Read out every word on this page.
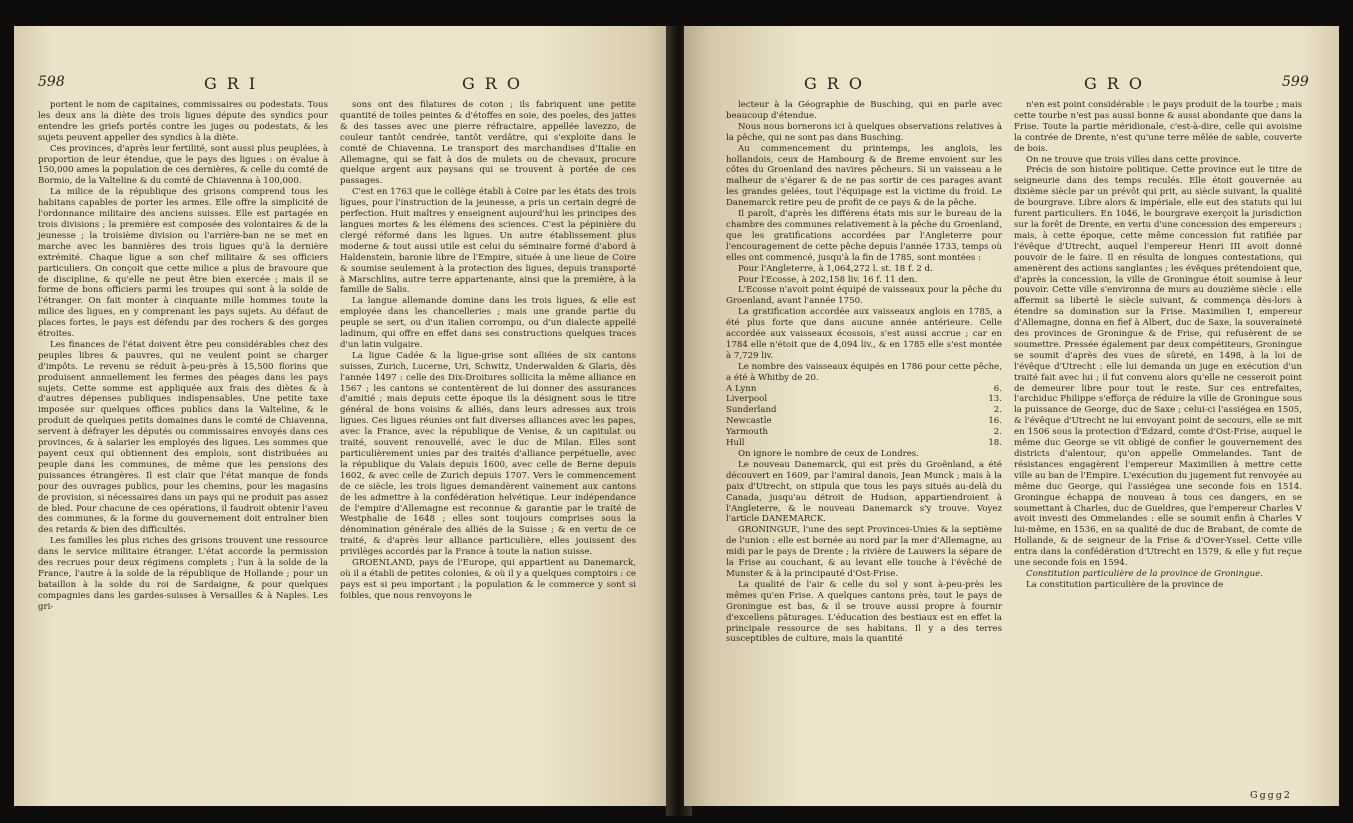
598	GRI	GRO

portent le nom de capitaines, commissaires ou podestats. Tous les deux ans la diète des trois ligues députe des syndics pour entendre les griefs portés contre les juges ou podestats, & les sujets peuvent appeller des syndics à la diète.

Ces provinces, d'après leur fertilité, sont aussi plus peuplées, à proportion de leur étendue, que le pays des ligues : on évalue à 150,000 ames la population de ces dernières, & celle du comté de Bormio, de la Valteline & du comté de Chiavenna à 100,000.

La milice de la république des grisons comprend tous les habitans capables de porter les armes. Elle offre la simplicité de l'ordonnance militaire des anciens suisses. Elle est partagée en trois divisions ; la première est composée des volontaires & de la jeunesse ; la troisième division ou l'arrière-ban ne se met en marche avec les bannières des trois ligues qu'à la dernière extrémité. Chaque ligue a son chef militaire & ses officiers particuliers. On conçoit que cette milice a plus de bravoure que de discipline, & qu'elle ne peut être bien exercée ; mais il se forme de bons officiers parmi les troupes qui sont à la solde de l'étranger. On fait monter à cinquante mille hommes toute la milice des ligues, en y comprenant les pays sujets. Au défaut de places fortes, le pays est défendu par des rochers & des gorges étroites.

Les finances de l'état doivent être peu considérables chez des peuples libres & pauvres, qui ne veulent point se charger d'impôts. Le revenu se réduit à-peu-près à 15,500 florins que produisent annuellement les fermes des péages dans les pays sujets. Cette somme est appliquée aux frais des diètes & à d'autres dépenses publiques indispensables. Une petite taxe imposée sur quelques offices publics dans la Valteline, & le produit de quelques petits domaines dans le comté de Chiavenna, servent à défrayer les députés ou commissaires envoyés dans ces provinces, & à salarier les employés des ligues. Les sommes que payent ceux qui obtiennent des emplois, sont distribuées au peuple dans les communes, de même que les pensions des puissances étrangères. Il est clair que l'état manque de fonds pour des ouvrages publics, pour les chemins, pour les magasins de provision, si nécessaires dans un pays qui ne produit pas assez de bled. Pour chacune de ces opérations, il faudroit obtenir l'aveu des communes, & la forme du gouvernement doit entraîner bien des retards & bien des difficultés.

Les familles les plus riches des grisons trouvent une ressource dans le service militaire étranger. L'état accorde la permission des recrues pour deux régimens complets ; l'un à la solde de la France, l'autre à la solde de la république de Hollande ; pour un bataillon à la solde du roi de Sardaigne, & pour quelques compagnies dans les gardes-suisses à Versailles & à Naples. Les gri-

sons ont des filatures de coton ; ils fabriquent une petite quantité de toiles peintes & d'étoffes en soie, des poeles, des jattes & des tasses avec une pierre réfractaire, appellée lavezzo, de couleur tantôt cendrée, tantôt verdâtre, qui s'exploite dans le comté de Chiavenna. Le transport des marchandises d'Italie en Allemagne, qui se fait à dos de mulets ou de chevaux, procure quelque argent aux paysans qui se trouvent à portée de ces passages.

C'est en 1763 que le collège établi à Coire par les états des trois ligues, pour l'instruction de la jeunesse, a pris un certain degré de perfection. Huit maîtres y enseignent aujourd'hui les principes des langues mortes & les élémens des sciences. C'est la pépinière du clergé réformé dans les ligues. Un autre établissement plus moderne & tout aussi utile est celui du séminaire formé d'abord à Haldenstein, baronie libre de l'Empire, située à une lieue de Coire & soumise seulement à la protection des ligues, depuis transporté à Marschlins, autre terre appartenante, ainsi que la première, à la famille de Salis.

La langue allemande domine dans les trois ligues, & elle est employée dans les chancelleries ; mais une grande partie du peuple se sert, ou d'un italien corrompu, ou d'un dialecte appellé ladinum, qui offre en effet dans ses constructions quelques traces d'un latin vulgaire.

La ligue Cadée & la ligue-grise sont alliées de six cantons suisses, Zurich, Lucerne, Uri, Schwitz, Underwalden & Glaris, dès l'année 1497 : celle des Dix-Droitures sollicita la même alliance en 1567 ; les cantons se contentèrent de lui donner des assurances d'amitié ; mais depuis cette époque ils la désignent sous le titre général de bons voisins & alliés, dans leurs adresses aux trois ligues. Ces ligues réunies ont fait diverses alliances avec les papes, avec la France, avec la république de Venise, & un capitulat ou traité, souvent renouvellé, avec le duc de Milan. Elles sont particulièrement unies par des traités d'alliance perpétuelle, avec la république du Valais depuis 1600, avec celle de Berne depuis 1602, & avec celle de Zurich depuis 1707. Vers le commencement de ce siècle, les trois ligues demandèrent vainement aux cantons de les admettre à la confédération helvétique. Leur indépendance de l'empire d'Allemagne est reconnue & garantie par le traité de Westphalie de 1648 ; elles sont toujours comprises sous la dénomination générale des alliés de la Suisse ; & en vertu de ce traité, & d'après leur alliance particulière, elles jouissent des privilèges accordés par la France à toute la nation suisse.

GROENLAND, pays de l'Europe, qui appartient au Danemarck, où il a établi de petites colonies, & où il y a quelques comptoirs : ce pays est si peu important ; la population & le commerce y sont si foibles, que nous renvoyons le

GRO	GRO	599

lecteur à la Géographie de Busching, qui en parle avec beaucoup d'étendue.

Nous nous bornerons ici à quelques observations relatives à la pêche, qui ne sont pas dans Busching.

Au commencement du printemps, les anglois, les hollandois, ceux de Hambourg & de Breme envoient sur les côtes du Groenland des navires pêcheurs. Si un vaisseau a le malheur de s'égarer & de ne pas sortir de ces parages avant les grandes gelées, tout l'équipage est la victime du froid. Le Danemarck retire peu de profit de ce pays & de la pêche.

Il paroît, d'après les différens états mis sur le bureau de la chambre des communes relativement à la pêche du Groenland, que les gratifications accordées par l'Angleterre pour l'encouragement de cette pêche depuis l'année 1733, temps où elles ont commencé, jusqu'à la fin de 1785, sont montées :

Pour l'Angleterre, à 1,064,272 l. st. 18 f. 2 d.

Pour l'Ecosse, à 202,158 liv. 16 f. 11 den.

L'Ecosse n'avoit point équipé de vaisseaux pour la pêche du Groenland, avant l'année 1750.

La gratification accordée aux vaisseaux anglois en 1785, a été plus forte que dans aucune année antérieure. Celle accordée aux vaisseaux écossois, s'est aussi accrue ; car en 1784 elle n'étoit que de 4,094 liv., & en 1785 elle s'est montée à 7,729 liv.

Le nombre des vaisseaux équipés en 1786 pour cette pêche, a été à Whitby de 20.

A Lynn	6.
Liverpool	13.
Sunderland	2.
Newcastle	16.
Yarmouth	2.
Hull	18.

On ignore le nombre de ceux de Londres.

Le nouveau Danemarck, qui est près du Groënland, a été découvert en 1609, par l'amiral danois, Jean Munck ; mais à la paix d'Utrecht, on stipula que tous les pays situés au-delà du Canada, jusqu'au détroit de Hudson, appartiendroient à l'Angleterre, & le nouveau Danemarck s'y trouve. Voyez l'article DANEMARCK.

GRONINGUE, l'une des sept Provinces-Unies & la septième de l'union : elle est bornée au nord par la mer d'Allemagne, au midi par le pays de Drente ; la rivière de Lauwers la sépare de la Frise au couchant, & au levant elle touche à l'évêché de Munster & à la principauté d'Ost-Frise.

La qualité de l'air & celle du sol y sont à-peu-près les mêmes qu'en Frise. A quelques cantons près, tout le pays de Groningue est bas, & il se trouve aussi propre à fournir d'excellens pâturages. L'éducation des bestiaux est en effet la principale ressource de ses habitans. Il y a des terres susceptibles de culture, mais la quantité

n'en est point considérable : le pays produit de la tourbe ; mais cette tourbe n'est pas aussi bonne & aussi abondante que dans la Frise. Toute la partie méridionale, c'est-à-dire, celle qui avoisine la contrée de Drente, n'est qu'une terre mêlée de sable, couverte de bois.

On ne trouve que trois villes dans cette province.

Précis de son histoire politique. Cette province eut le titre de seigneurie dans des temps reculés. Elle étoit gouvernée au dixième siècle par un prévôt qui prit, au siècle suivant, la qualité de bourgrave. Libre alors & impériale, elle eut des statuts qui lui furent particuliers. En 1046, le bourgrave exerçoit la jurisdiction sur la forêt de Drente, en vertu d'une concession des empereurs ; mais, à cette époque, cette même concession fut ratifiée par l'évêque d'Utrecht, auquel l'empereur Henri III avoit donné pouvoir de le faire. Il en résulta de longues contestations, qui amenèrent des actions sanglantes ; les évêques prétendoient que, d'après la concession, la ville de Groningue étoit soumise à leur pouvoir. Cette ville s'environna de murs au douzième siècle : elle affermit sa liberté le siècle suivant, & commença dès-lors à étendre sa domination sur la Frise. Maximilien I, empereur d'Allemagne, donna en fief à Albert, duc de Saxe, la souveraineté des provinces de Groningue & de Frise, qui refusèrent de se soumettre. Pressée également par deux compétiteurs, Groningue se soumit d'après des vues de sûreté, en 1498, à la loi de l'évêque d'Utrecht : elle lui demanda un juge en exécution d'un traité fait avec lui ; il fut convenu alors qu'elle ne cesseroit point de demeurer libre pour tout le reste. Sur ces entrefaites, l'archiduc Philippe s'efforça de réduire la ville de Groningue sous la puissance de George, duc de Saxe ; celui-ci l'assiégea en 1505, & l'évêque d'Utrecht ne lui envoyant point de secours, elle se mit en 1506 sous la protection d'Edzard, comte d'Ost-Frise, auquel le même duc George se vit obligé de confier le gouvernement des districts d'alentour, qu'on appelle Ommelandes. Tant de résistances engagèrent l'empereur Maximilien à mettre cette ville au ban de l'Empire. L'exécution du jugement fut renvoyée au même duc George, qui l'assiégea une seconde fois en 1514. Groningue échappa de nouveau à tous ces dangers, en se soumettant à Charles, duc de Gueldres, que l'empereur Charles V avoit investi des Ommelandes : elle se soumit enfin à Charles V lui-même, en 1536, en sa qualité de duc de Brabant, de comte de Hollande, & de seigneur de la Frise & d'Over-Yssel. Cette ville entra dans la confédération d'Utrecht en 1579, & elle y fut reçue une seconde fois en 1594.

Constitution particulière de la province de Groningue.

La constitution particulière de la province de

Gggg2
